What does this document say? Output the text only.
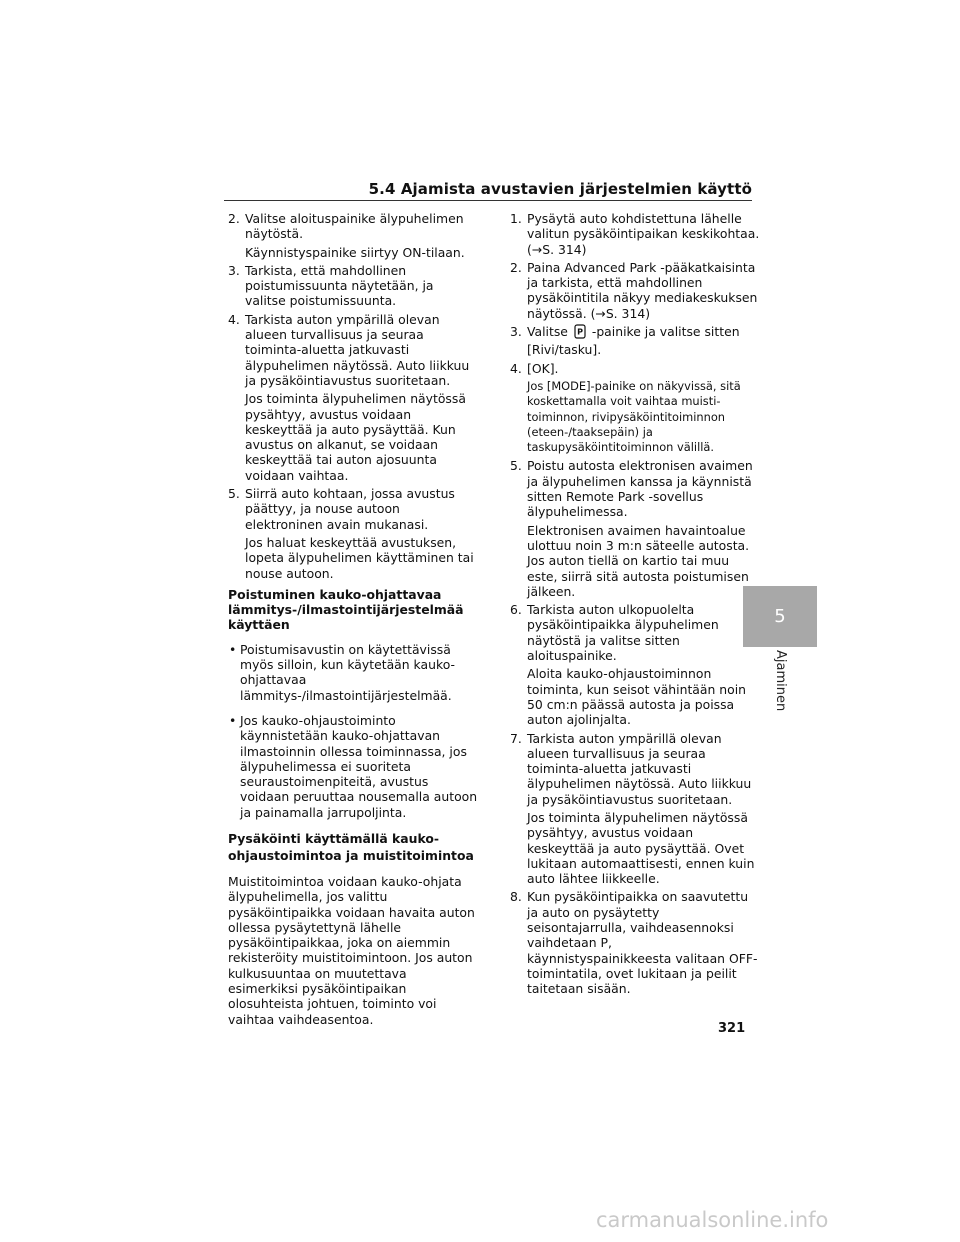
5.4 Ajamista avustavien järjestelmien käyttö
2. Valitse aloituspainike älypuhelimen näytöstä.
Käynnistyspainike siirtyy ON-tilaan.
3. Tarkista, että mahdollinen poistumissuunta näytetään, ja valitse poistumissuunta.
4. Tarkista auton ympärillä olevan alueen turvallisuus ja seuraa toiminta-aluetta jatkuvasti älypuhelimen näytössä. Auto liikkuu ja pysäköintiavustus suoritetaan.
Jos toiminta älypuhelimen näytössä pysähtyy, avustus voidaan keskeyttää ja auto pysäyttää. Kun avustus on alkanut, se voidaan keskeyttää tai auton ajosuunta voidaan vaihtaa.
5. Siirrä auto kohtaan, jossa avustus päättyy, ja nouse autoon elektroninen avain mukanasi.
Jos haluat keskeyttää avustuksen, lopeta älypuhelimen käyttäminen tai nouse autoon.
Poistuminen kauko-ohjattavaa lämmitys-/ilmastointijärjestelmää käyttäen
• Poistumisavustin on käytettävissä myös silloin, kun käytetään kauko-ohjattavaa lämmitys-/ilmastointijärjestelmää.
• Jos kauko-ohjaustoiminto käynnistetään kauko-ohjattavan ilmastoinnin ollessa toiminnassa, jos älypuhelimessa ei suoriteta seuraustoimenpiteitä, avustus voidaan peruuttaa nousemalla autoon ja painamalla jarrupoljinta.
Pysäköinti käyttämällä kauko-ohjaustoimintoa ja muistitoimintoa

Muistitoimintoa voidaan kauko-ohjata älypuhelimella, jos valittu pysäköintipaikka voidaan havaita auton ollessa pysäytettynä lähelle pysäköintipaikkaa, joka on aiemmin rekisteröity muistitoimintoon. Jos auton kulkusuuntaa on muutettava esimerkiksi pysäköintipaikan olosuhteista johtuen, toiminto voi vaihtaa vaihdeasentoa.

1. Pysäytä auto kohdistettuna lähelle valitun pysäköintipaikan keskikohtaa. (→S. 314)
2. Paina Advanced Park -pääkatkaisinta ja tarkista, että mahdollinen pysäköintitila näkyy mediakeskuksen näytössä. (→S. 314)
3. Valitse P -painike ja valitse sitten [Rivi/tasku].
4. [OK].
Jos [MODE]-painike on näkyvissä, sitä koskettamalla voit vaihtaa muisti-toiminnon, rivipysäköintitoiminnon (eteen-/taaksepäin) ja taskupysäköintitoiminnon välillä.
5. Poistu autosta elektronisen avaimen ja älypuhelimen kanssa ja käynnistä sitten Remote Park -sovellus älypuhelimessa.
Elektronisen avaimen havaintoalue ulottuu noin 3 m:n säteelle autosta. Jos auton tiellä on kartio tai muu este, siirrä sitä autosta poistumisen jälkeen.
6. Tarkista auton ulkopuolelta pysäköintipaikka älypuhelimen näytöstä ja valitse sitten aloituspainike.
Aloita kauko-ohjaustoiminnon toiminta, kun seisot vähintään noin 50 cm:n päässä autosta ja poissa auton ajolinjalta.
7. Tarkista auton ympärillä olevan alueen turvallisuus ja seuraa toiminta-aluetta jatkuvasti älypuhelimen näytössä. Auto liikkuu ja pysäköintiavustus suoritetaan.
Jos toiminta älypuhelimen näytössä pysähtyy, avustus voidaan keskeyttää ja auto pysäyttää. Ovet lukitaan automaattisesti, ennen kuin auto lähtee liikkeelle.
8. Kun pysäköintipaikka on saavutettu ja auto on pysäytetty seisontajarrulla, vaihdeasennoksi vaihdetaan P, käynnistyspainikkeesta valitaan OFF-toimintatila, ovet lukitaan ja peilit taitetaan sisään.
5
Ajaminen
321
carmanualsonline.info
